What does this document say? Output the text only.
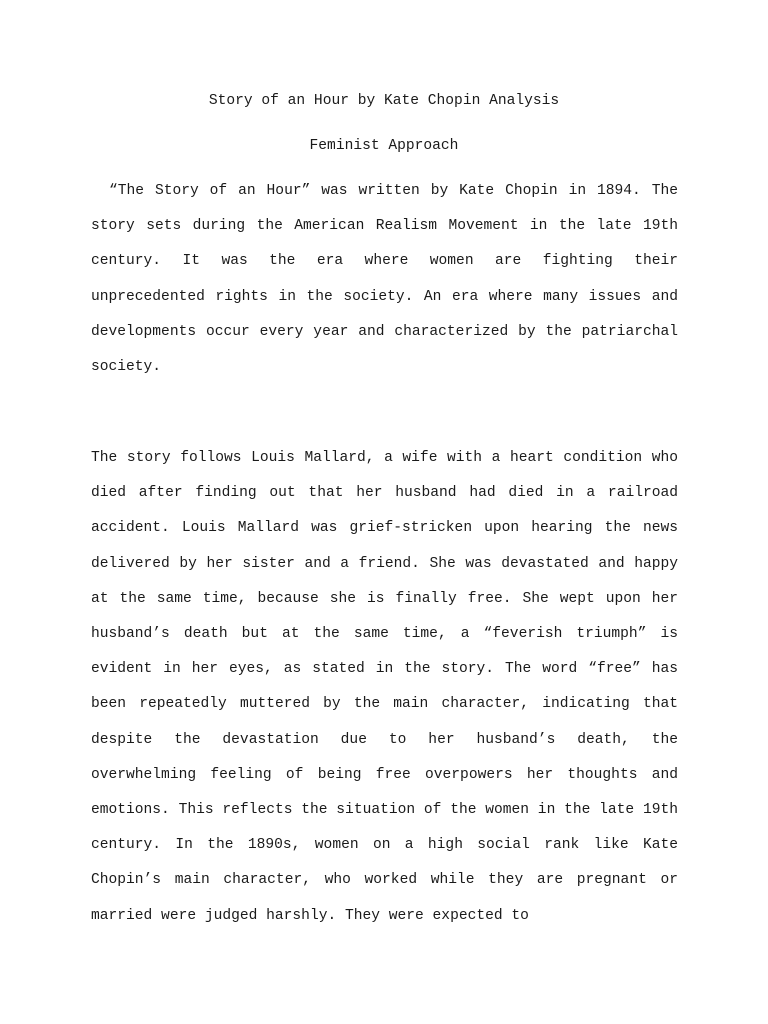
Story of an Hour by Kate Chopin Analysis
Feminist Approach

“The Story of an Hour” was written by Kate Chopin in 1894. The story sets during the American Realism Movement in the late 19th century. It was the era where women are fighting their unprecedented rights in the society. An era where many issues and developments occur every year and characterized by the patriarchal society.

The story follows Louis Mallard, a wife with a heart condition who died after finding out that her husband had died in a railroad accident. Louis Mallard was grief-stricken upon hearing the news delivered by her sister and a friend. She was devastated and happy at the same time, because she is finally free. She wept upon her husband’s death but at the same time, a “feverish triumph” is evident in her eyes, as stated in the story. The word “free” has been repeatedly muttered by the main character, indicating that despite the devastation due to her husband’s death, the overwhelming feeling of being free overpowers her thoughts and emotions. This reflects the situation of the women in the late 19th century. In the 1890s, women on a high social rank like Kate Chopin’s main character, who worked while they are pregnant or married were judged harshly. They were expected to
